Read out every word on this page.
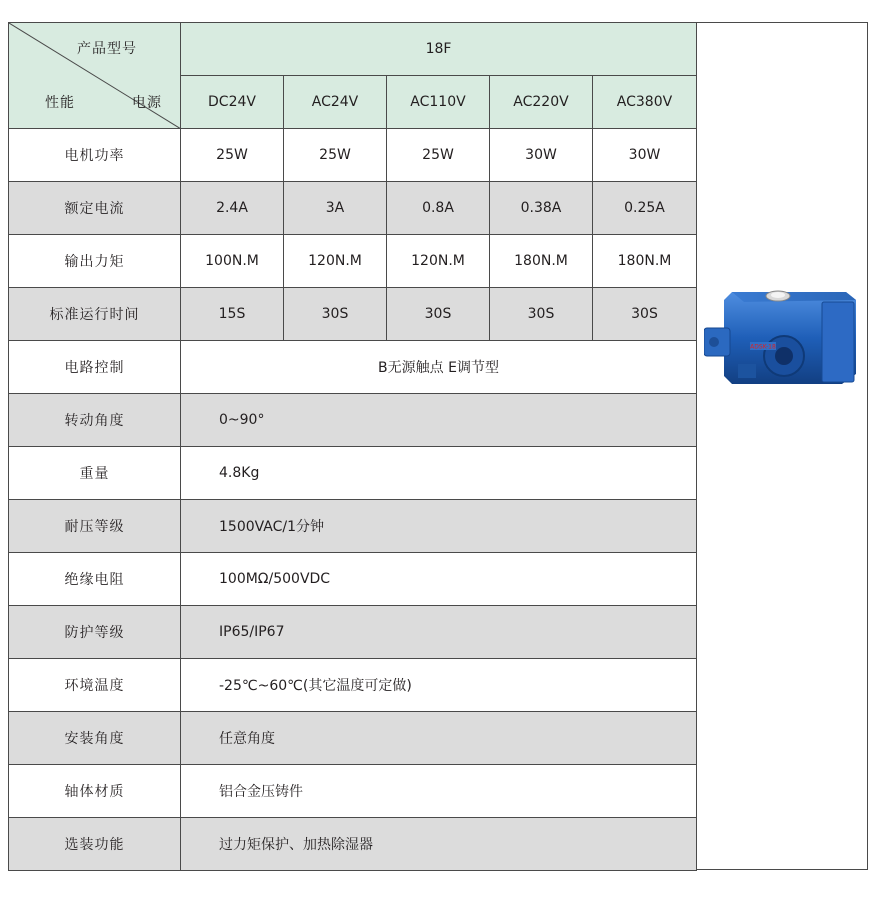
产品型号
性能 电源	18F				
	DC24V	AC24V	AC110V	AC220V	AC380V
电机功率	25W	25W	25W	30W	30W
额定电流	2.4A	3A	0.8A	0.38A	0.25A
输出力矩	100N.M	120N.M	120N.M	180N.M	180N.M
标准运行时间	15S	30S	30S	30S	30S
电路控制	B无源触点 E调节型				
转动角度	0~90°				
重量	4.8Kg				
耐压等级	1500VAC/1分钟				
绝缘电阻	100MΩ/500VDC				
防护等级	IP65/IP67				
环境温度	-25℃~60℃(其它温度可定做)				
安装角度	任意角度				
轴体材质	铝合金压铸件				
选装功能	过力矩保护、加热除湿器				
ADSK-18
